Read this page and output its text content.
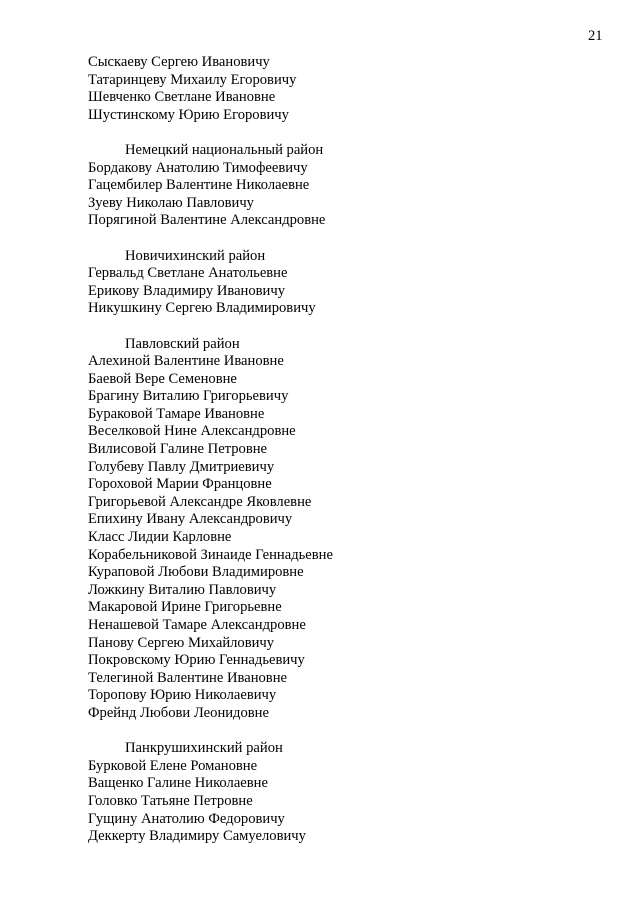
21
Сыскаеву Сергею Ивановичу
Татаринцеву Михаилу Егоровичу
Шевченко Светлане Ивановне
Шустинскому Юрию Егоровичу
Немецкий национальный район
Бордакову Анатолию Тимофеевичу
Гацембилер Валентине Николаевне
Зуеву Николаю Павловичу
Порягиной Валентине Александровне
Новичихинский район
Гервальд Светлане Анатольевне
Ерикову Владимиру Ивановичу
Никушкину Сергею Владимировичу
Павловский район
Алехиной Валентине Ивановне
Баевой Вере Семеновне
Брагину Виталию Григорьевичу
Бураковой Тамаре Ивановне
Веселковой Нине Александровне
Вилисовой Галине Петровне
Голубеву Павлу Дмитриевичу
Гороховой Марии Францовне
Григорьевой Александре Яковлевне
Епихину Ивану Александровичу
Класс Лидии Карловне
Корабельниковой Зинаиде Геннадьевне
Кураповой Любови Владимировне
Ложкину Виталию Павловичу
Макаровой Ирине Григорьевне
Ненашевой Тамаре Александровне
Панову Сергею Михайловичу
Покровскому Юрию Геннадьевичу
Телегиной Валентине Ивановне
Торопову Юрию Николаевичу
Фрейнд Любови Леонидовне
Панкрушихинский район
Бурковой Елене Романовне
Ващенко Галине Николаевне
Головко Татьяне Петровне
Гущину Анатолию Федоровичу
Деккерту Владимиру Самуеловичу
